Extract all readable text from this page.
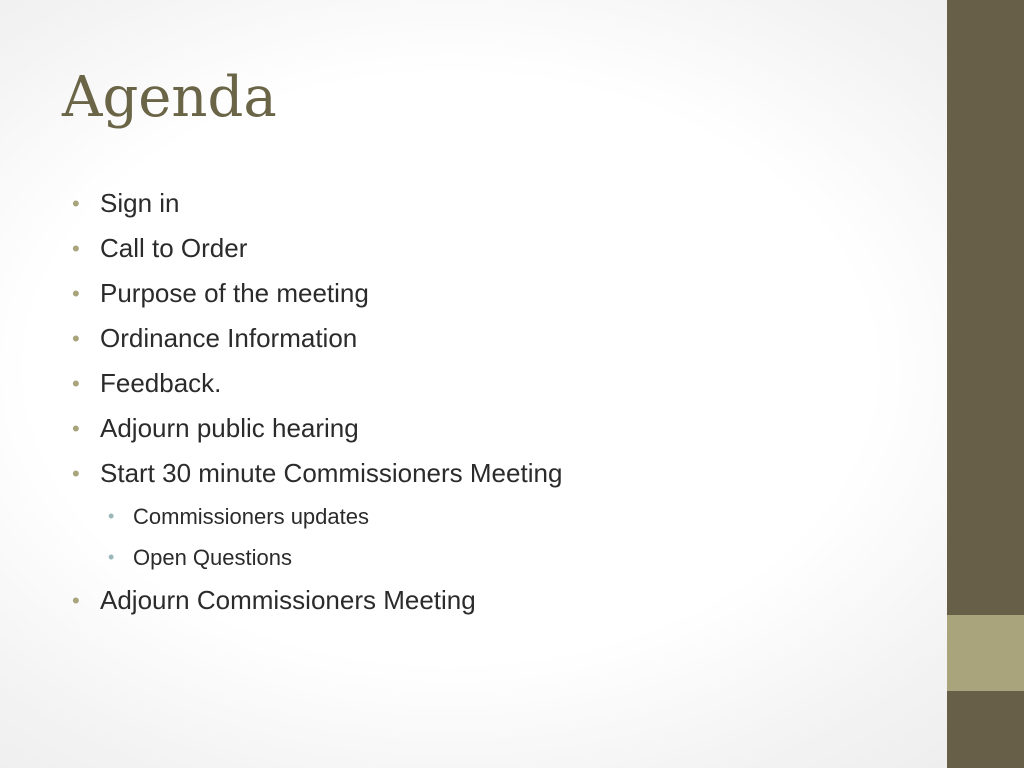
Agenda
• Sign in
• Call to Order
• Purpose of the meeting
• Ordinance Information
• Feedback.
• Adjourn public hearing
• Start 30 minute Commissioners Meeting
• Commissioners updates
• Open Questions
• Adjourn Commissioners Meeting
